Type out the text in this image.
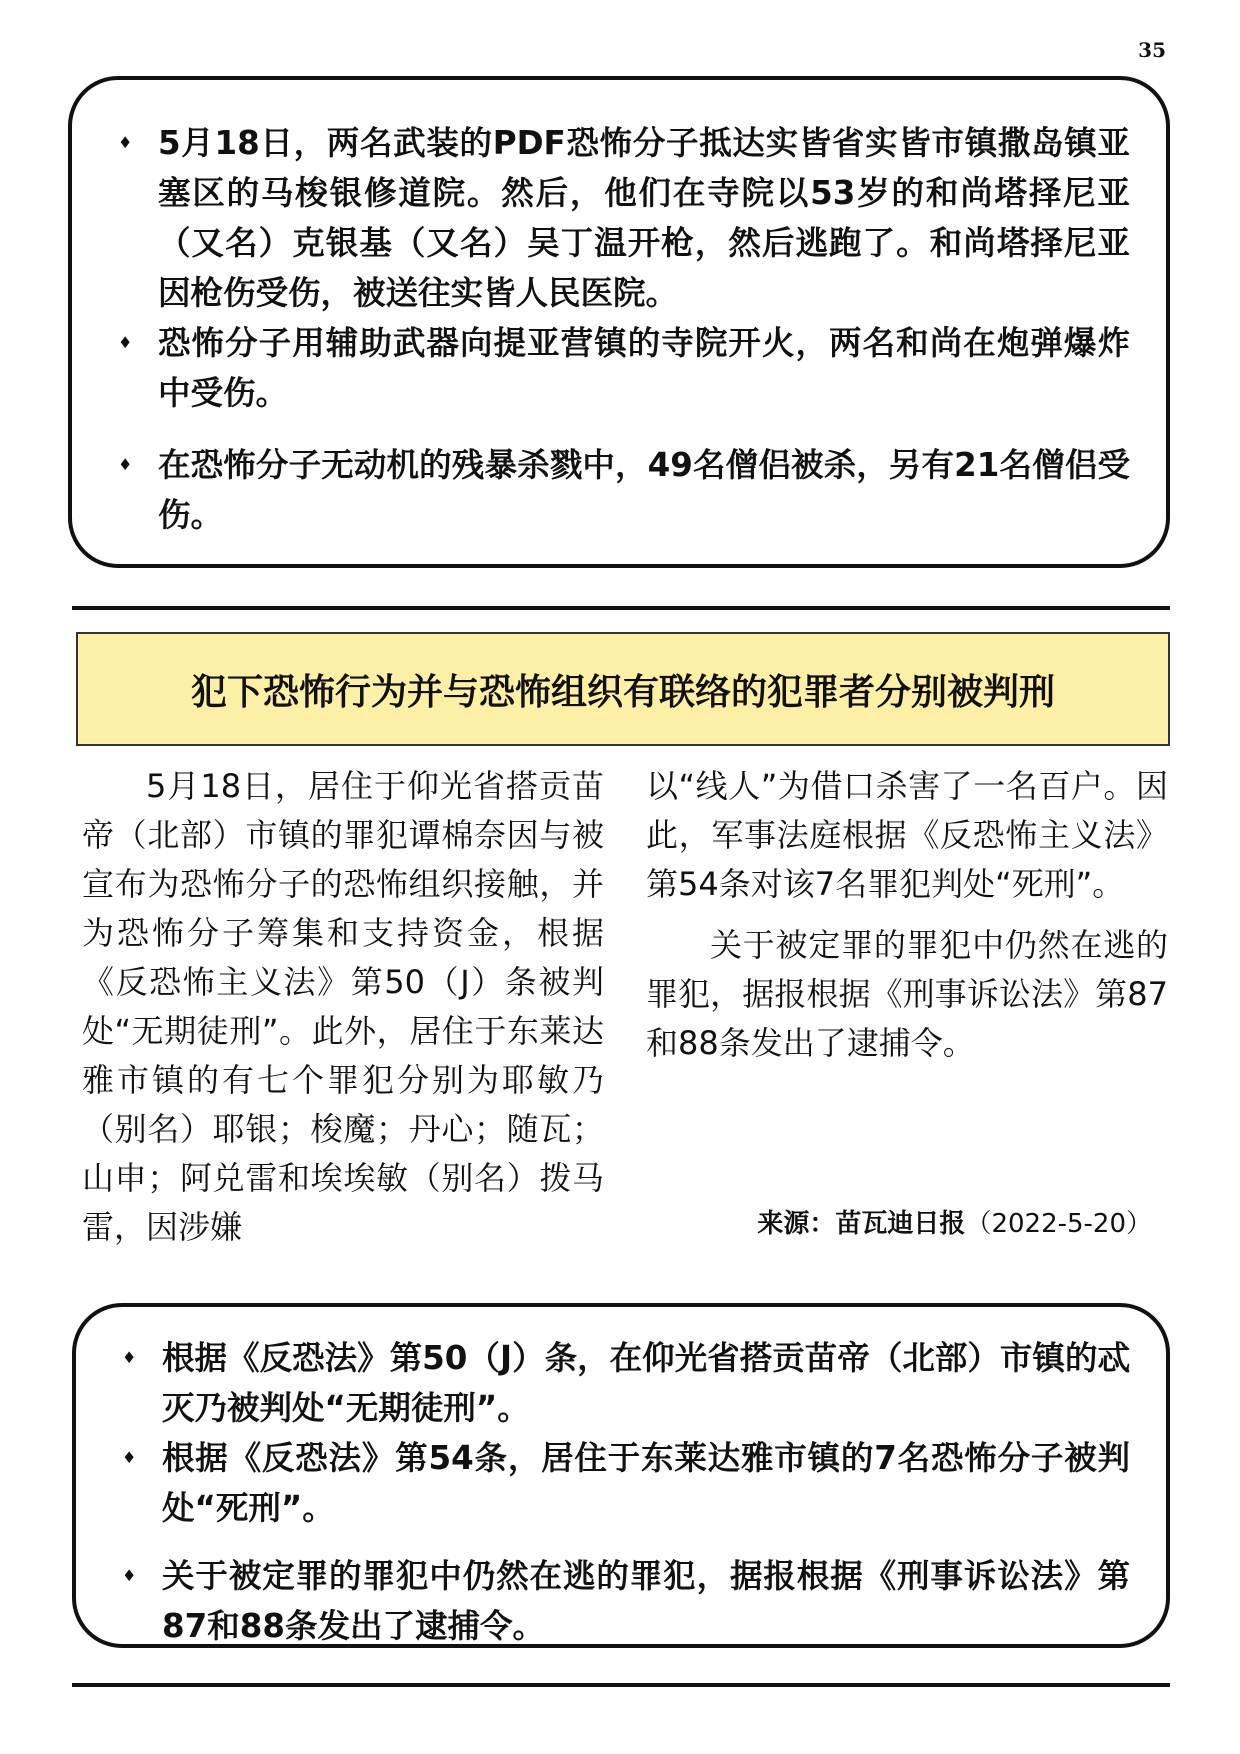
35
♦ 5月18日，两名武装的PDF恐怖分子抵达实皆省实皆市镇撒岛镇亚塞区的马梭银修道院。然后，他们在寺院以53岁的和尚塔择尼亚（又名）克银基（又名）吴丁温开枪，然后逃跑了。和尚塔择尼亚因枪伤受伤，被送往实皆人民医院。
♦ 恐怖分子用辅助武器向提亚营镇的寺院开火，两名和尚在炮弹爆炸中受伤。
♦ 在恐怖分子无动机的残暴杀戮中，49名僧侣被杀，另有21名僧侣受伤。
犯下恐怖行为并与恐怖组织有联络的犯罪者分别被判刑

5月18日，居住于仰光省搭贡苗帝（北部）市镇的罪犯谭棉奈因与被宣布为恐怖分子的恐怖组织接触，并为恐怖分子筹集和支持资金，根据《反恐怖主义法》第50（J）条被判处“无期徒刑”。此外，居住于东莱达雅市镇的有七个罪犯分别为耶敏乃（别名）耶银；梭魔；丹心；随瓦；山申；阿兑雷和埃埃敏（别名）拨马雷，因涉嫌

以“线人”为借口杀害了一名百户。因此，军事法庭根据《反恐怖主义法》第54条对该7名罪犯判处“死刑”。

关于被定罪的罪犯中仍然在逃的罪犯，据报根据《刑事诉讼法》第87和88条发出了逮捕令。

来源：苗瓦迪日报（2022-5-20）
♦ 根据《反恐法》第50（J）条，在仰光省搭贡苗帝（北部）市镇的忒灭乃被判处“无期徒刑”。
♦ 根据《反恐法》第54条，居住于东莱达雅市镇的7名恐怖分子被判处“死刑”。
♦ 关于被定罪的罪犯中仍然在逃的罪犯，据报根据《刑事诉讼法》第87和88条发出了逮捕令。
